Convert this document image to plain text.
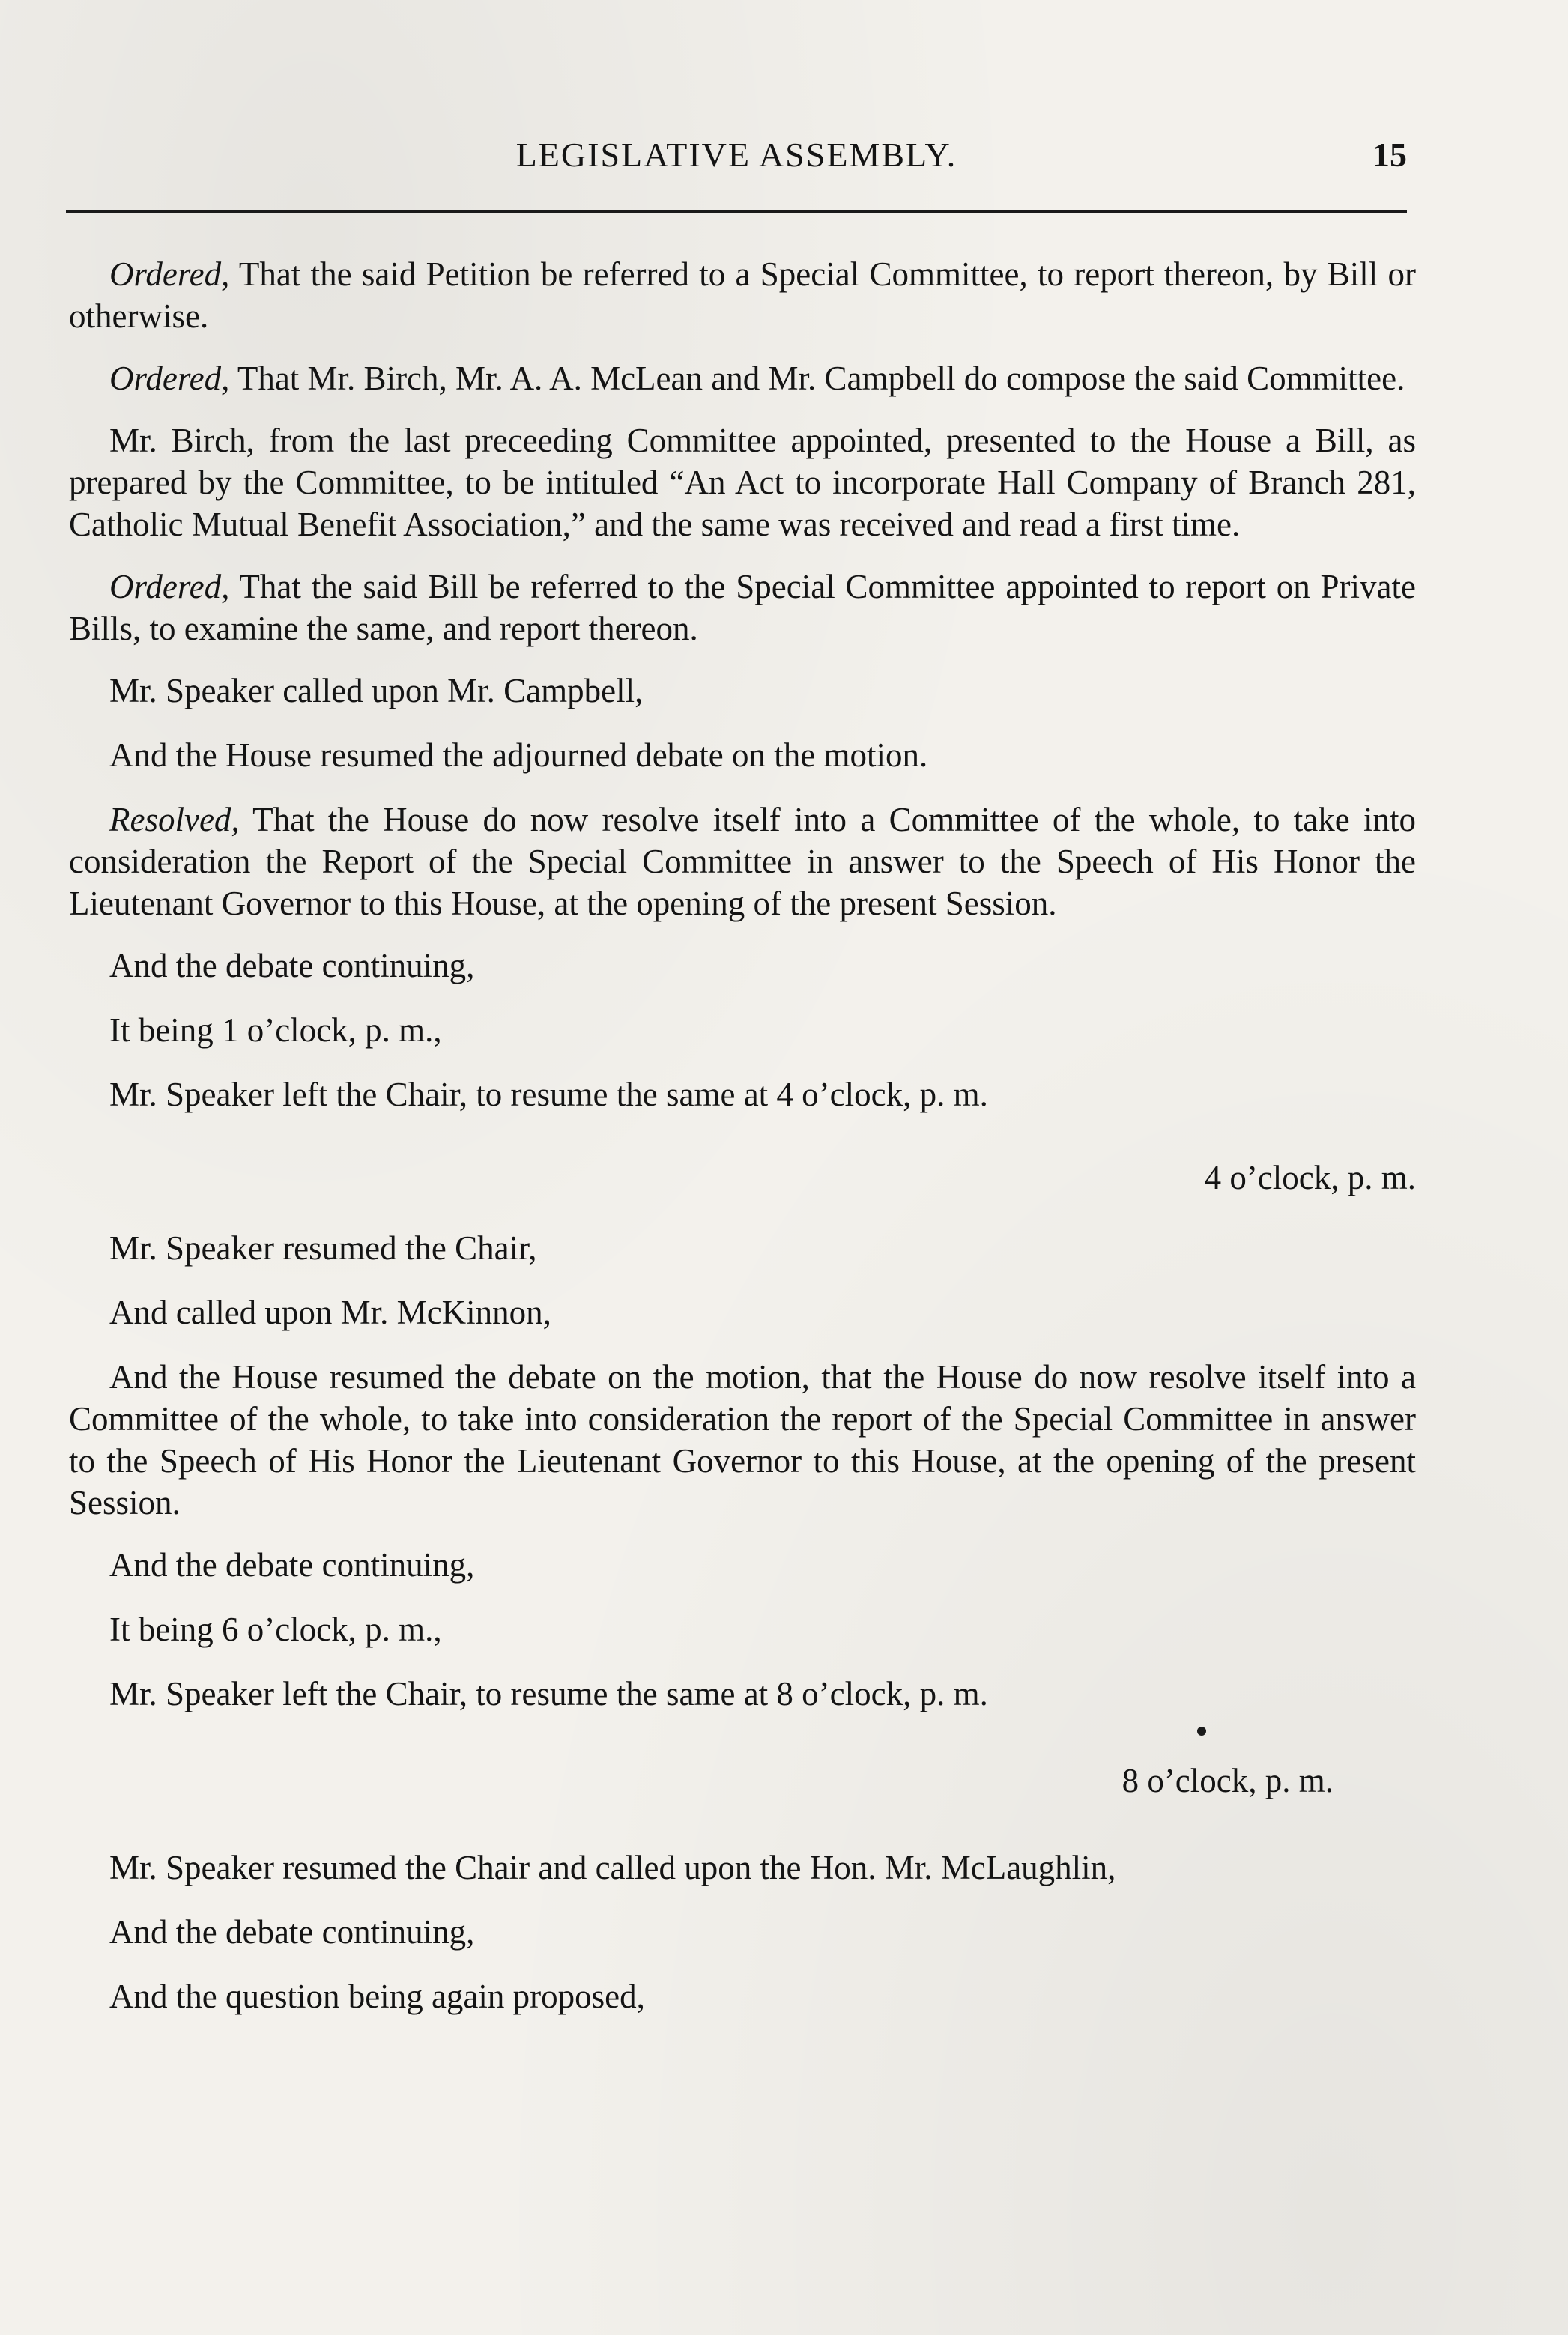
LEGISLATIVE ASSEMBLY.	15

Ordered, That the said Petition be referred to a Special Committee, to report thereon, by Bill or otherwise.

Ordered, That Mr. Birch, Mr. A. A. McLean and Mr. Campbell do compose the said Committee.

Mr. Birch, from the last preceeding Committee appointed, presented to the House a Bill, as prepared by the Committee, to be intituled “An Act to incorporate Hall Company of Branch 281, Catholic Mutual Benefit Association,” and the same was received and read a first time.

Ordered, That the said Bill be referred to the Special Committee appointed to report on Private Bills, to examine the same, and report thereon.

Mr. Speaker called upon Mr. Campbell,

And the House resumed the adjourned debate on the motion.

Resolved, That the House do now resolve itself into a Committee of the whole, to take into consideration the Report of the Special Committee in answer to the Speech of His Honor the Lieutenant Governor to this House, at the opening of the present Session.

And the debate continuing,

It being 1 o’clock, p. m.,

Mr. Speaker left the Chair, to resume the same at 4 o’clock, p. m.

4 o’clock, p. m.

Mr. Speaker resumed the Chair,

And called upon Mr. McKinnon,

And the House resumed the debate on the motion, that the House do now resolve itself into a Committee of the whole, to take into consideration the report of the Special Committee in answer to the Speech of His Honor the Lieutenant Governor to this House, at the opening of the present Session.

And the debate continuing,

It being 6 o’clock, p. m.,

Mr. Speaker left the Chair, to resume the same at 8 o’clock, p. m.

8 o’clock, p. m.

Mr. Speaker resumed the Chair and called upon the Hon. Mr. McLaughlin,

And the debate continuing,

And the question being again proposed,
